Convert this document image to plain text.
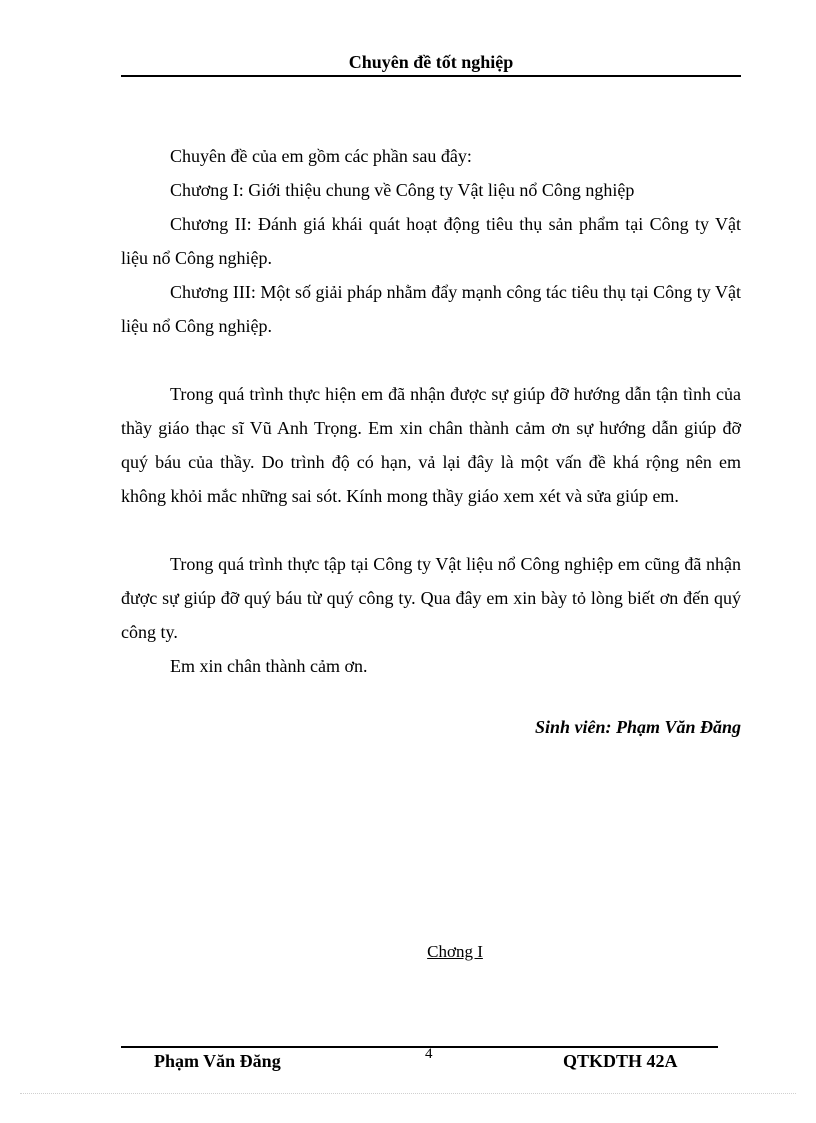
Chuyên đề tốt nghiệp

Chuyên đề của em gồm các phần sau đây:

Chương I: Giới thiệu chung về Công ty Vật liệu nổ Công nghiệp

Chương II: Đánh giá khái quát hoạt động tiêu thụ sản phẩm tại Công ty Vật liệu nổ Công nghiệp.

Chương III: Một số giải pháp nhằm đẩy mạnh công tác tiêu thụ tại Công ty Vật liệu nổ Công nghiệp.

Trong quá trình thực hiện em đã nhận được sự giúp đỡ hướng dẫn tận tình của thầy giáo thạc sĩ Vũ Anh Trọng. Em xin chân thành cảm ơn sự hướng dẫn giúp đỡ quý báu của thầy. Do trình độ có hạn, vả lại đây là một vấn đề khá rộng nên em không khỏi mắc những sai sót. Kính mong thầy giáo xem xét và sửa giúp em.

Trong quá trình thực tập tại Công ty Vật liệu nổ Công nghiệp em cũng đã nhận được sự giúp đỡ quý báu từ quý công ty. Qua đây em xin bày tỏ lòng biết ơn đến quý công ty.

Em xin chân thành cảm ơn.

Sinh viên: Phạm Văn Đăng
Chơng I
Phạm Văn Đăng	4	QTKDTH 42A
